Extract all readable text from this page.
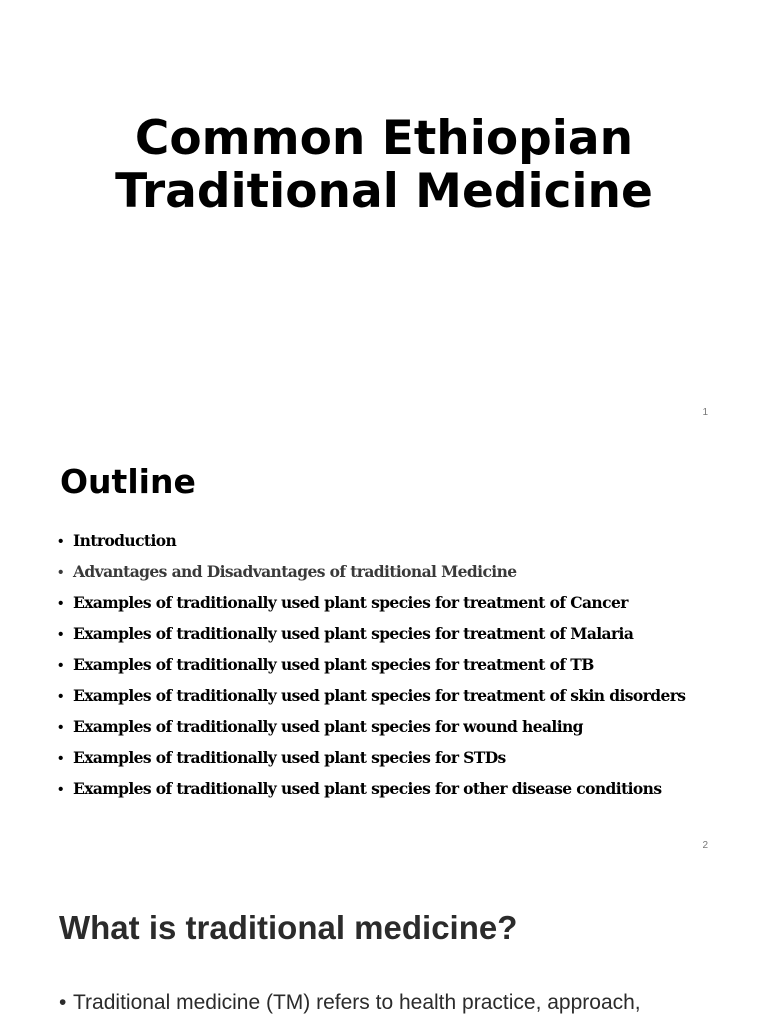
Common Ethiopian
Traditional Medicine
1
Outline
• Introduction
• Advantages and Disadvantages of traditional Medicine
• Examples of traditionally used plant species for treatment of Cancer
• Examples of traditionally used plant species for treatment of Malaria
• Examples of traditionally used plant species for treatment of TB
• Examples of traditionally used plant species for treatment of skin disorders
• Examples of traditionally used plant species for wound healing
• Examples of traditionally used plant species for STDs
• Examples of traditionally used plant species for other disease conditions
2
What is traditional medicine?

• Traditional medicine (TM) refers to health practice, approach,
